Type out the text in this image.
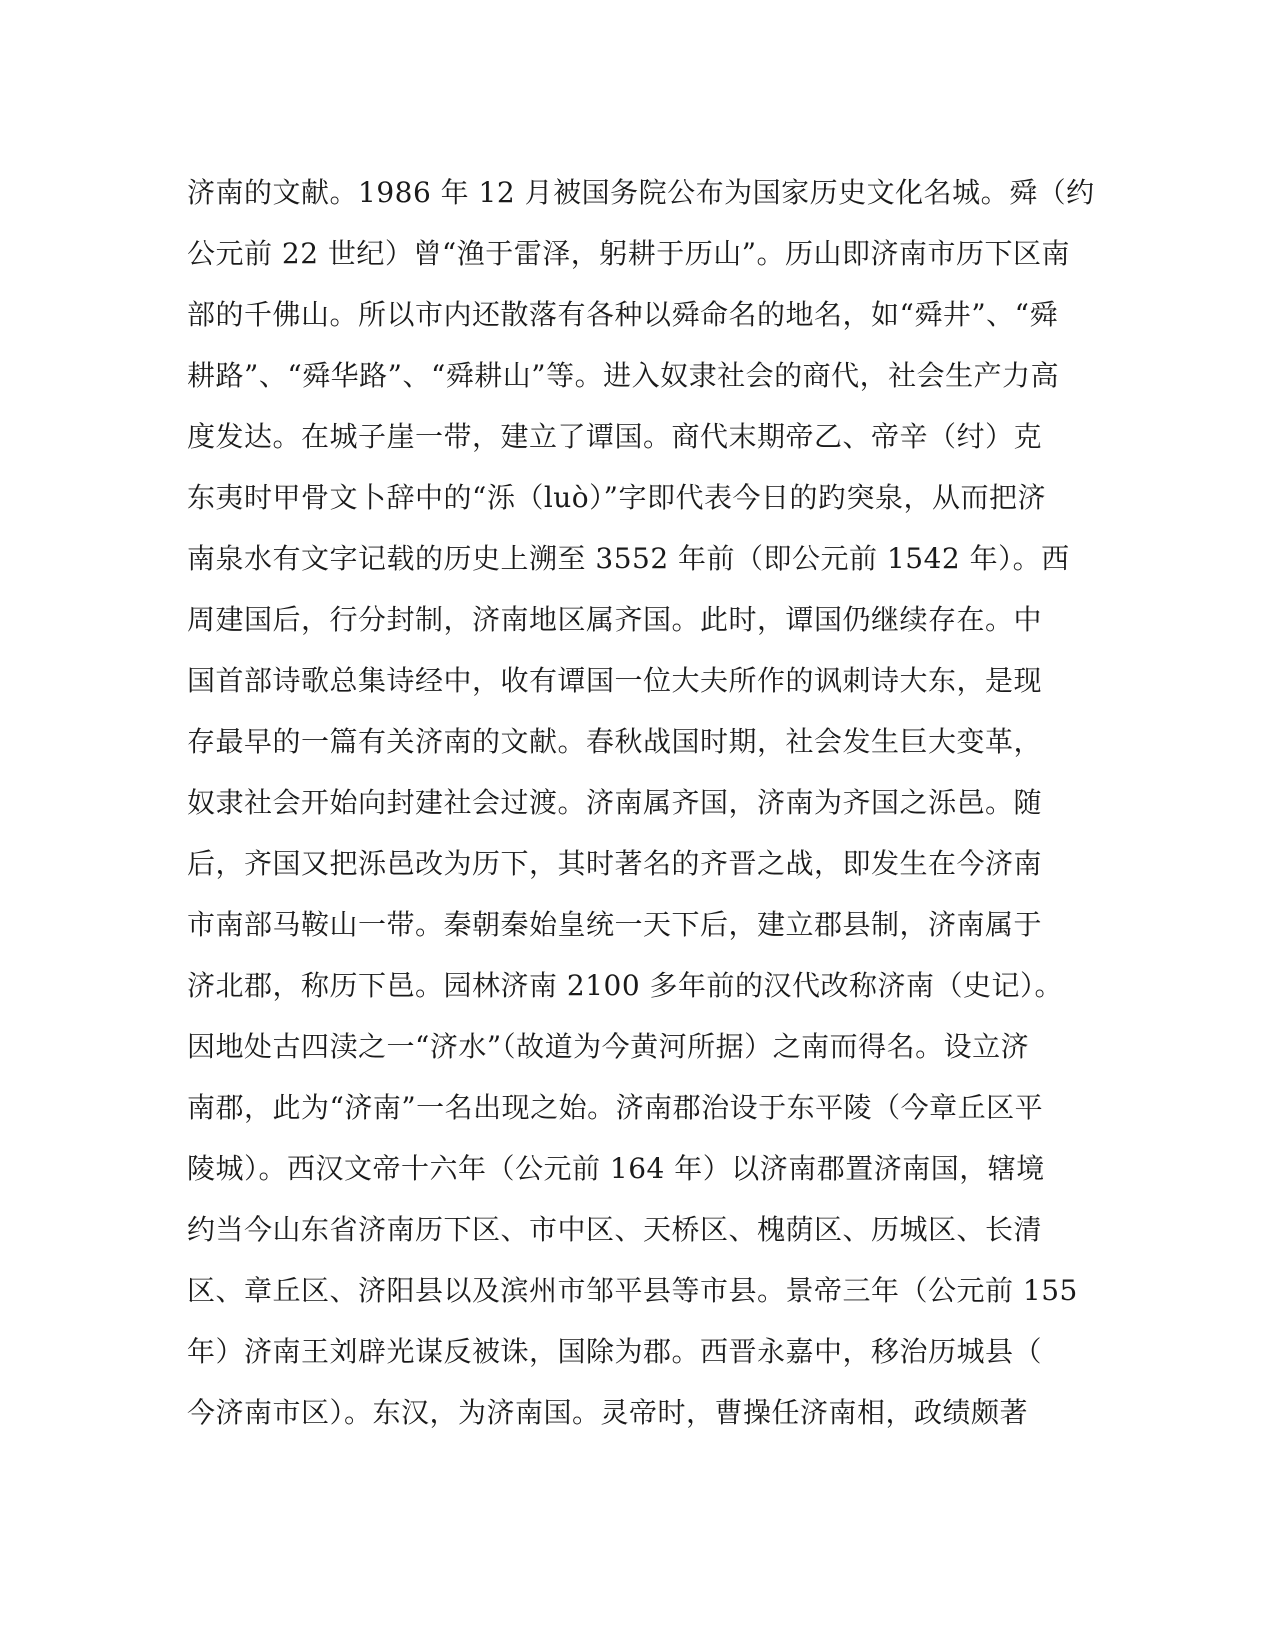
济南的文献。1986 年 12 月被国务院公布为国家历史文化名城。舜（约
公元前 22 世纪）曾“渔于雷泽，躬耕于历山”。历山即济南市历下区南
部的千佛山。所以市内还散落有各种以舜命名的地名，如“舜井”、“舜
耕路”、“舜华路”、“舜耕山”等。进入奴隶社会的商代，社会生产力高
度发达。在城子崖一带，建立了谭国。商代末期帝乙、帝辛（纣）克
东夷时甲骨文卜辞中的“泺（luò）”字即代表今日的趵突泉，从而把济
南泉水有文字记载的历史上溯至 3552 年前（即公元前 1542 年）。西
周建国后，行分封制，济南地区属齐国。此时，谭国仍继续存在。中
国首部诗歌总集诗经中，收有谭国一位大夫所作的讽刺诗大东，是现
存最早的一篇有关济南的文献。春秋战国时期，社会发生巨大变革，
奴隶社会开始向封建社会过渡。济南属齐国，济南为齐国之泺邑。随
后，齐国又把泺邑改为历下，其时著名的齐晋之战，即发生在今济南
市南部马鞍山一带。秦朝秦始皇统一天下后，建立郡县制，济南属于
济北郡，称历下邑。园林济南 2100 多年前的汉代改称济南（史记）。
因地处古四渎之一“济水”（故道为今黄河所据）之南而得名。设立济
南郡，此为“济南”一名出现之始。济南郡治设于东平陵（今章丘区平
陵城）。西汉文帝十六年（公元前 164 年）以济南郡置济南国，辖境
约当今山东省济南历下区、市中区、天桥区、槐荫区、历城区、长清
区、章丘区、济阳县以及滨州市邹平县等市县。景帝三年（公元前 155
年）济南王刘辟光谋反被诛，国除为郡。西晋永嘉中，移治历城县（
今济南市区）。东汉，为济南国。灵帝时，曹操任济南相，政绩颇著
